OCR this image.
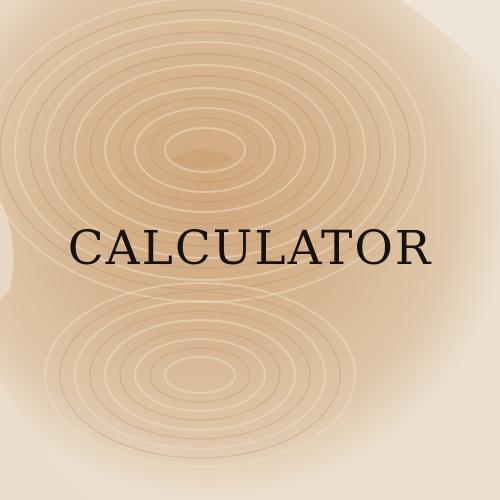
CALCULATOR
